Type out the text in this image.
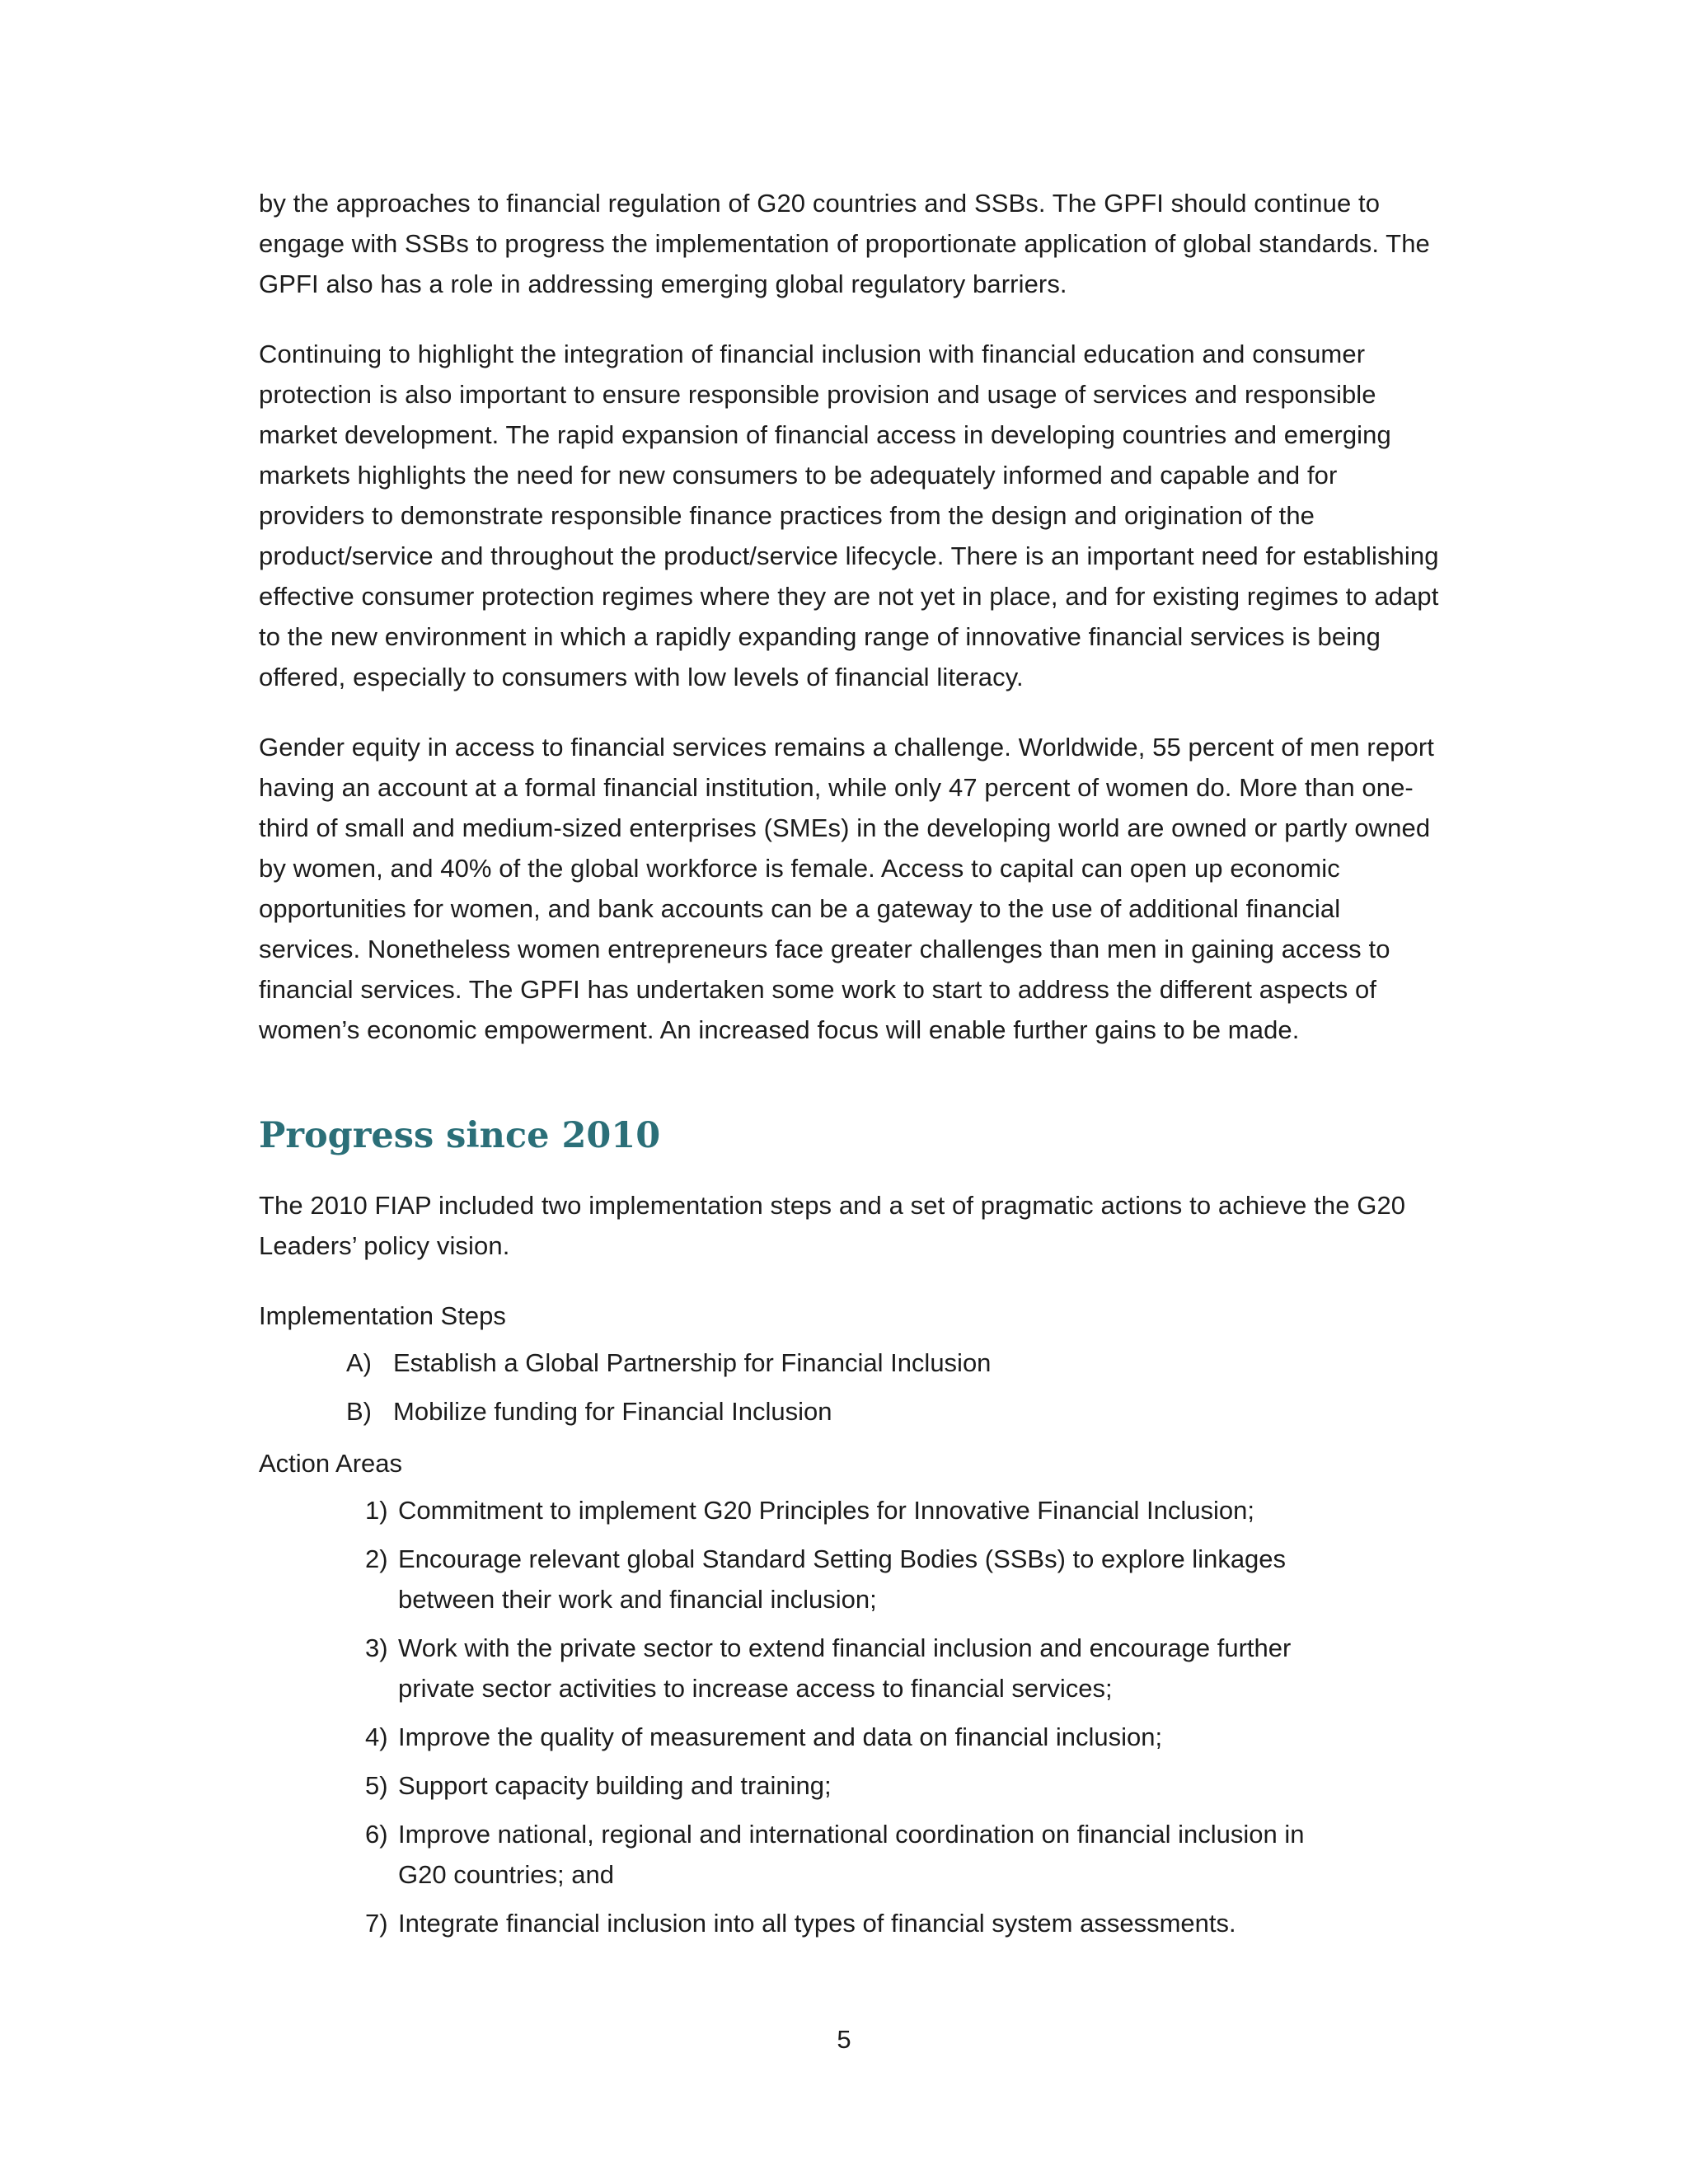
by the approaches to financial regulation of G20 countries and SSBs. The GPFI should continue to engage with SSBs to progress the implementation of proportionate application of global standards. The GPFI also has a role in addressing emerging global regulatory barriers.

Continuing to highlight the integration of financial inclusion with financial education and consumer protection is also important to ensure responsible provision and usage of services and responsible market development. The rapid expansion of financial access in developing countries and emerging markets highlights the need for new consumers to be adequately informed and capable and for providers to demonstrate responsible finance practices from the design and origination of the product/service and throughout the product/service lifecycle. There is an important need for establishing effective consumer protection regimes where they are not yet in place, and for existing regimes to adapt to the new environment in which a rapidly expanding range of innovative financial services is being offered, especially to consumers with low levels of financial literacy.

Gender equity in access to financial services remains a challenge. Worldwide, 55 percent of men report having an account at a formal financial institution, while only 47 percent of women do. More than one-third of small and medium-sized enterprises (SMEs) in the developing world are owned or partly owned by women, and 40% of the global workforce is female. Access to capital can open up economic opportunities for women, and bank accounts can be a gateway to the use of additional financial services. Nonetheless women entrepreneurs face greater challenges than men in gaining access to financial services. The GPFI has undertaken some work to start to address the different aspects of women’s economic empowerment. An increased focus will enable further gains to be made.

Progress since 2010

The 2010 FIAP included two implementation steps and a set of pragmatic actions to achieve the G20 Leaders’ policy vision.

Implementation Steps
A) Establish a Global Partnership for Financial Inclusion
B) Mobilize funding for Financial Inclusion
Action Areas
1) Commitment to implement G20 Principles for Innovative Financial Inclusion;
2) Encourage relevant global Standard Setting Bodies (SSBs) to explore linkages between their work and financial inclusion;
3) Work with the private sector to extend financial inclusion and encourage further private sector activities to increase access to financial services;
4) Improve the quality of measurement and data on financial inclusion;
5) Support capacity building and training;
6) Improve national, regional and international coordination on financial inclusion in G20 countries; and
7) Integrate financial inclusion into all types of financial system assessments.
5
